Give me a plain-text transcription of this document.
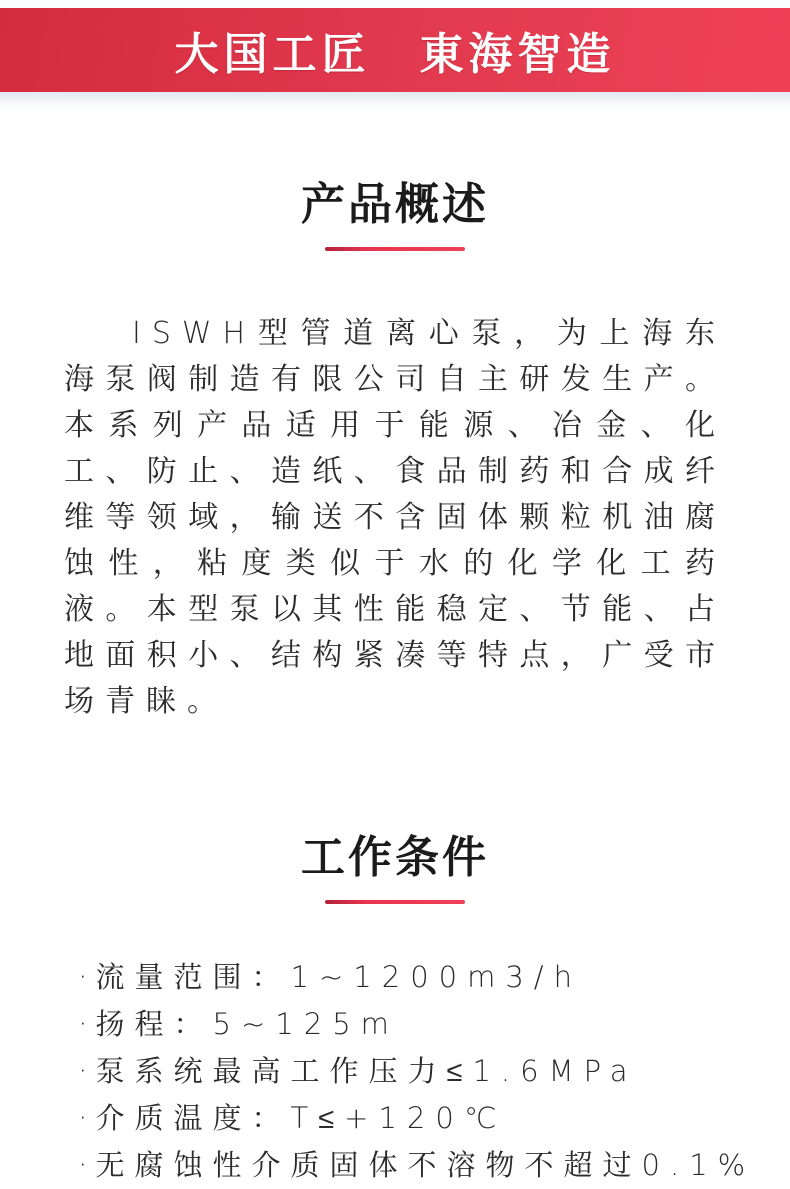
大国工匠　東海智造
产品概述

ISWH型管道离心泵，为上海东海泵阀制造有限公司自主研发生产。本系列产品适用于能源、冶金、化工、防止、造纸、食品制药和合成纤维等领域，输送不含固体颗粒机油腐蚀性，粘度类似于水的化学化工药液。本型泵以其性能稳定、节能、占地面积小、结构紧凑等特点，广受市场青睐。

工作条件
· 流量范围：1~1200m3/h
· 扬程：5~125m
· 泵系统最高工作压力≤1.6MPa
· 介质温度：T≤+120℃
· 无腐蚀性介质固体不溶物不超过0.1%
